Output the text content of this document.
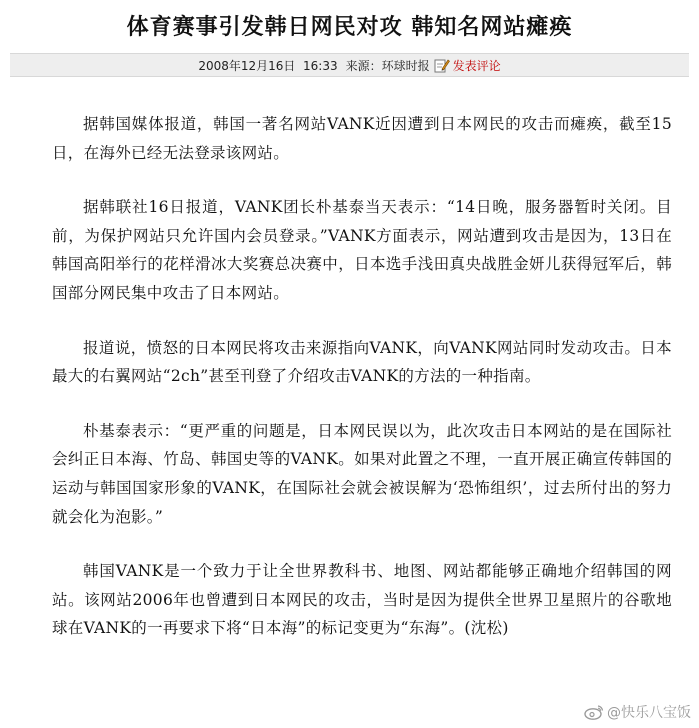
体育赛事引发韩日网民对攻 韩知名网站瘫痪
2008年12月16日  16:33 来源： 环球时报 发表评论

据韩国媒体报道，韩国一著名网站VANK近因遭到日本网民的攻击而瘫痪，截至15日，在海外已经无法登录该网站。

据韩联社16日报道，VANK团长朴基泰当天表示：“14日晚，服务器暂时关闭。目前，为保护网站只允许国内会员登录。”VANK方面表示，网站遭到攻击是因为，13日在韩国高阳举行的花样滑冰大奖赛总决赛中，日本选手浅田真央战胜金妍儿获得冠军后，韩国部分网民集中攻击了日本网站。

报道说，愤怒的日本网民将攻击来源指向VANK，向VANK网站同时发动攻击。日本最大的右翼网站“2ch”甚至刊登了介绍攻击VANK的方法的一种指南。

朴基泰表示：“更严重的问题是，日本网民误以为，此次攻击日本网站的是在国际社会纠正日本海、竹岛、韩国史等的VANK。如果对此置之不理，一直开展正确宣传韩国的运动与韩国国家形象的VANK，在国际社会就会被误解为‘恐怖组织’，过去所付出的努力就会化为泡影。”

韩国VANK是一个致力于让全世界教科书、地图、网站都能够正确地介绍韩国的网站。该网站2006年也曾遭到日本网民的攻击，当时是因为提供全世界卫星照片的谷歌地球在VANK的一再要求下将“日本海”的标记变更为“东海”。(沈松)

@快乐八宝饭
